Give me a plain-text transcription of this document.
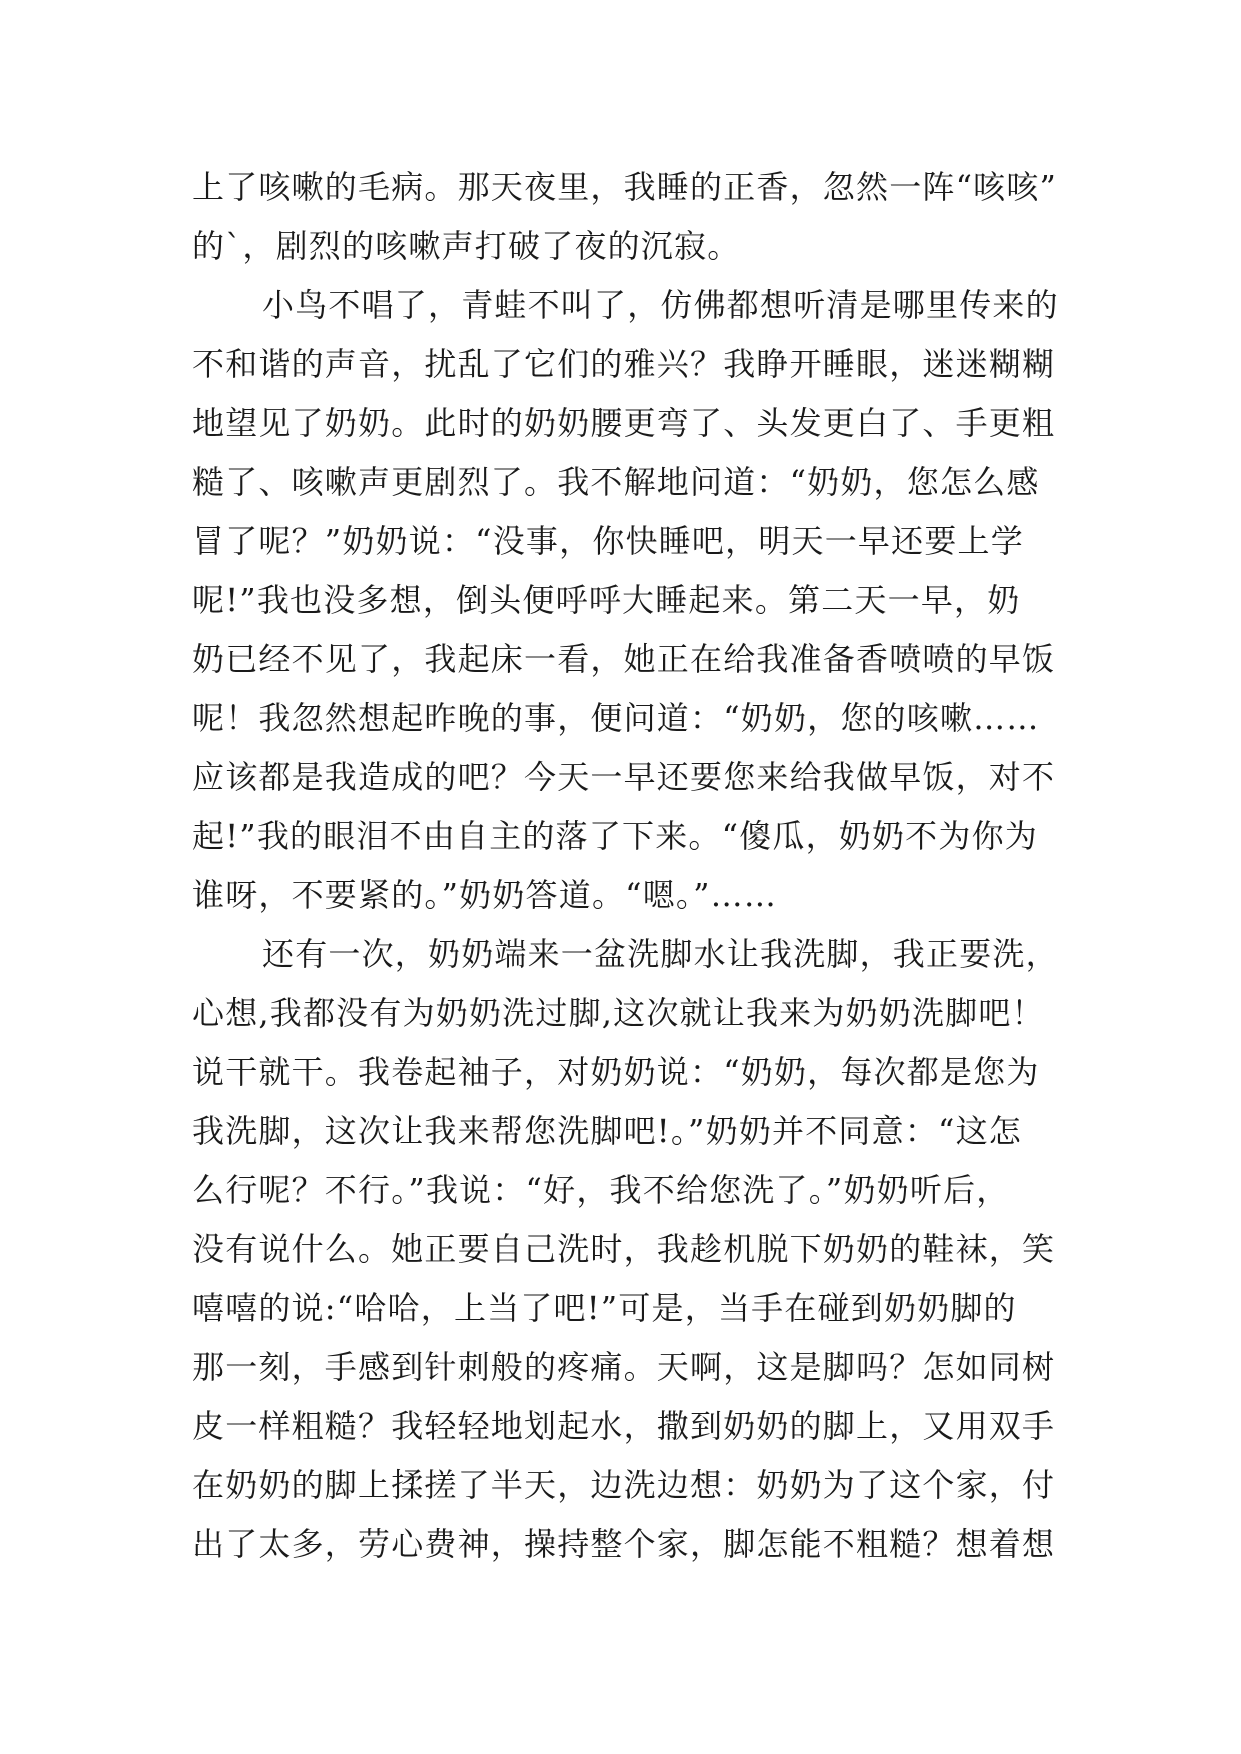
上了咳嗽的毛病。那天夜里，我睡的正香，忽然一阵“咳咳”
的`，剧烈的咳嗽声打破了夜的沉寂。
小鸟不唱了，青蛙不叫了，仿佛都想听清是哪里传来的
不和谐的声音，扰乱了它们的雅兴？我睁开睡眼，迷迷糊糊
地望见了奶奶。此时的奶奶腰更弯了、头发更白了、手更粗
糙了、咳嗽声更剧烈了。我不解地问道：“奶奶，您怎么感
冒了呢？”奶奶说：“没事，你快睡吧，明天一早还要上学
呢!”我也没多想，倒头便呼呼大睡起来。第二天一早，奶
奶已经不见了，我起床一看，她正在给我准备香喷喷的早饭
呢！我忽然想起昨晚的事，便问道：“奶奶，您的咳嗽……
应该都是我造成的吧？今天一早还要您来给我做早饭，对不
起!”我的眼泪不由自主的落了下来。“傻瓜，奶奶不为你为
谁呀，不要紧的。”奶奶答道。“嗯。”……
还有一次，奶奶端来一盆洗脚水让我洗脚，我正要洗，
心想,我都没有为奶奶洗过脚,这次就让我来为奶奶洗脚吧！
说干就干。我卷起袖子，对奶奶说：“奶奶，每次都是您为
我洗脚，这次让我来帮您洗脚吧!。”奶奶并不同意：“这怎
么行呢？不行。”我说：“好，我不给您洗了。”奶奶听后，
没有说什么。她正要自己洗时，我趁机脱下奶奶的鞋袜，笑
嘻嘻的说:“哈哈，上当了吧!”可是，当手在碰到奶奶脚的
那一刻，手感到针刺般的疼痛。天啊，这是脚吗？怎如同树
皮一样粗糙？我轻轻地划起水，撒到奶奶的脚上，又用双手
在奶奶的脚上揉搓了半天，边洗边想：奶奶为了这个家，付
出了太多，劳心费神，操持整个家，脚怎能不粗糙？想着想
